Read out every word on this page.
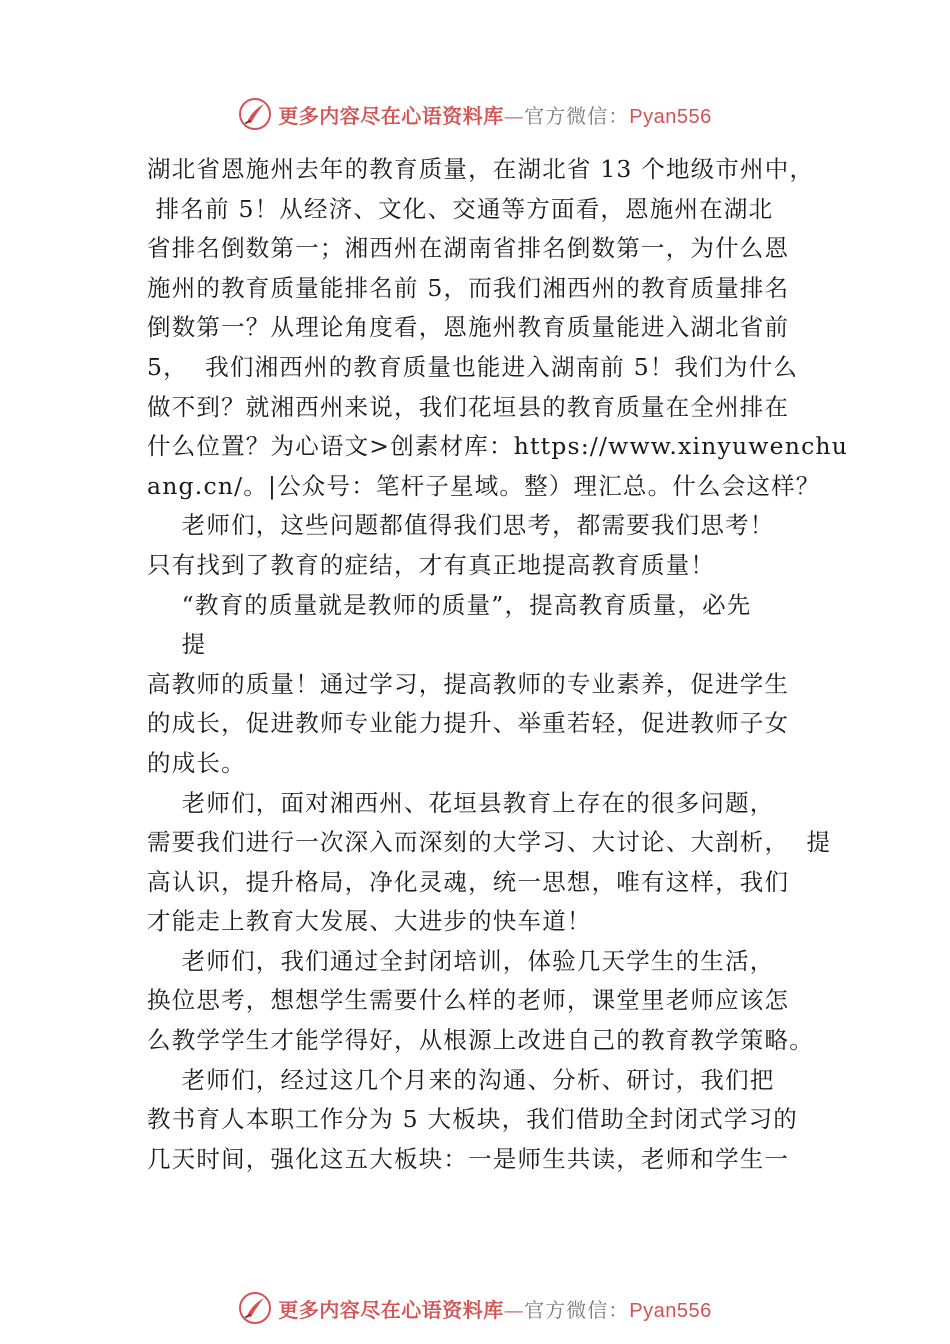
更多内容尽在心语资料库—官方微信：Pyan556
湖北省恩施州去年的教育质量，在湖北省 13 个地级市州中，
排名前 5！从经济、文化、交通等方面看，恩施州在湖北
省排名倒数第一；湘西州在湖南省排名倒数第一，为什么恩
施州的教育质量能排名前 5，而我们湘西州的教育质量排名
倒数第一？从理论角度看，恩施州教育质量能进入湖北省前
5，  我们湘西州的教育质量也能进入湖南前 5！我们为什么
做不到？就湘西州来说，我们花垣县的教育质量在全州排在
什么位置？为心语文>创素材库：https://www.xinyuwenchu
ang.cn/。|公众号：笔杆子星域。整）理汇总。什么会这样？
老师们，这些问题都值得我们思考，都需要我们思考！
只有找到了教育的症结，才有真正地提高教育质量！
“教育的质量就是教师的质量”，提高教育质量，必先
提
高教师的质量！通过学习，提高教师的专业素养，促进学生
的成长，促进教师专业能力提升、举重若轻，促进教师子女
的成长。
老师们，面对湘西州、花垣县教育上存在的很多问题，
需要我们进行一次深入而深刻的大学习、大讨论、大剖析，  提
高认识，提升格局，净化灵魂，统一思想，唯有这样，我们
才能走上教育大发展、大进步的快车道！
老师们，我们通过全封闭培训，体验几天学生的生活，
换位思考，想想学生需要什么样的老师，课堂里老师应该怎
么教学学生才能学得好，从根源上改进自己的教育教学策略。
老师们，经过这几个月来的沟通、分析、研讨，我们把
教书育人本职工作分为 5 大板块，我们借助全封闭式学习的
几天时间，强化这五大板块：一是师生共读，老师和学生一
更多内容尽在心语资料库—官方微信：Pyan556
